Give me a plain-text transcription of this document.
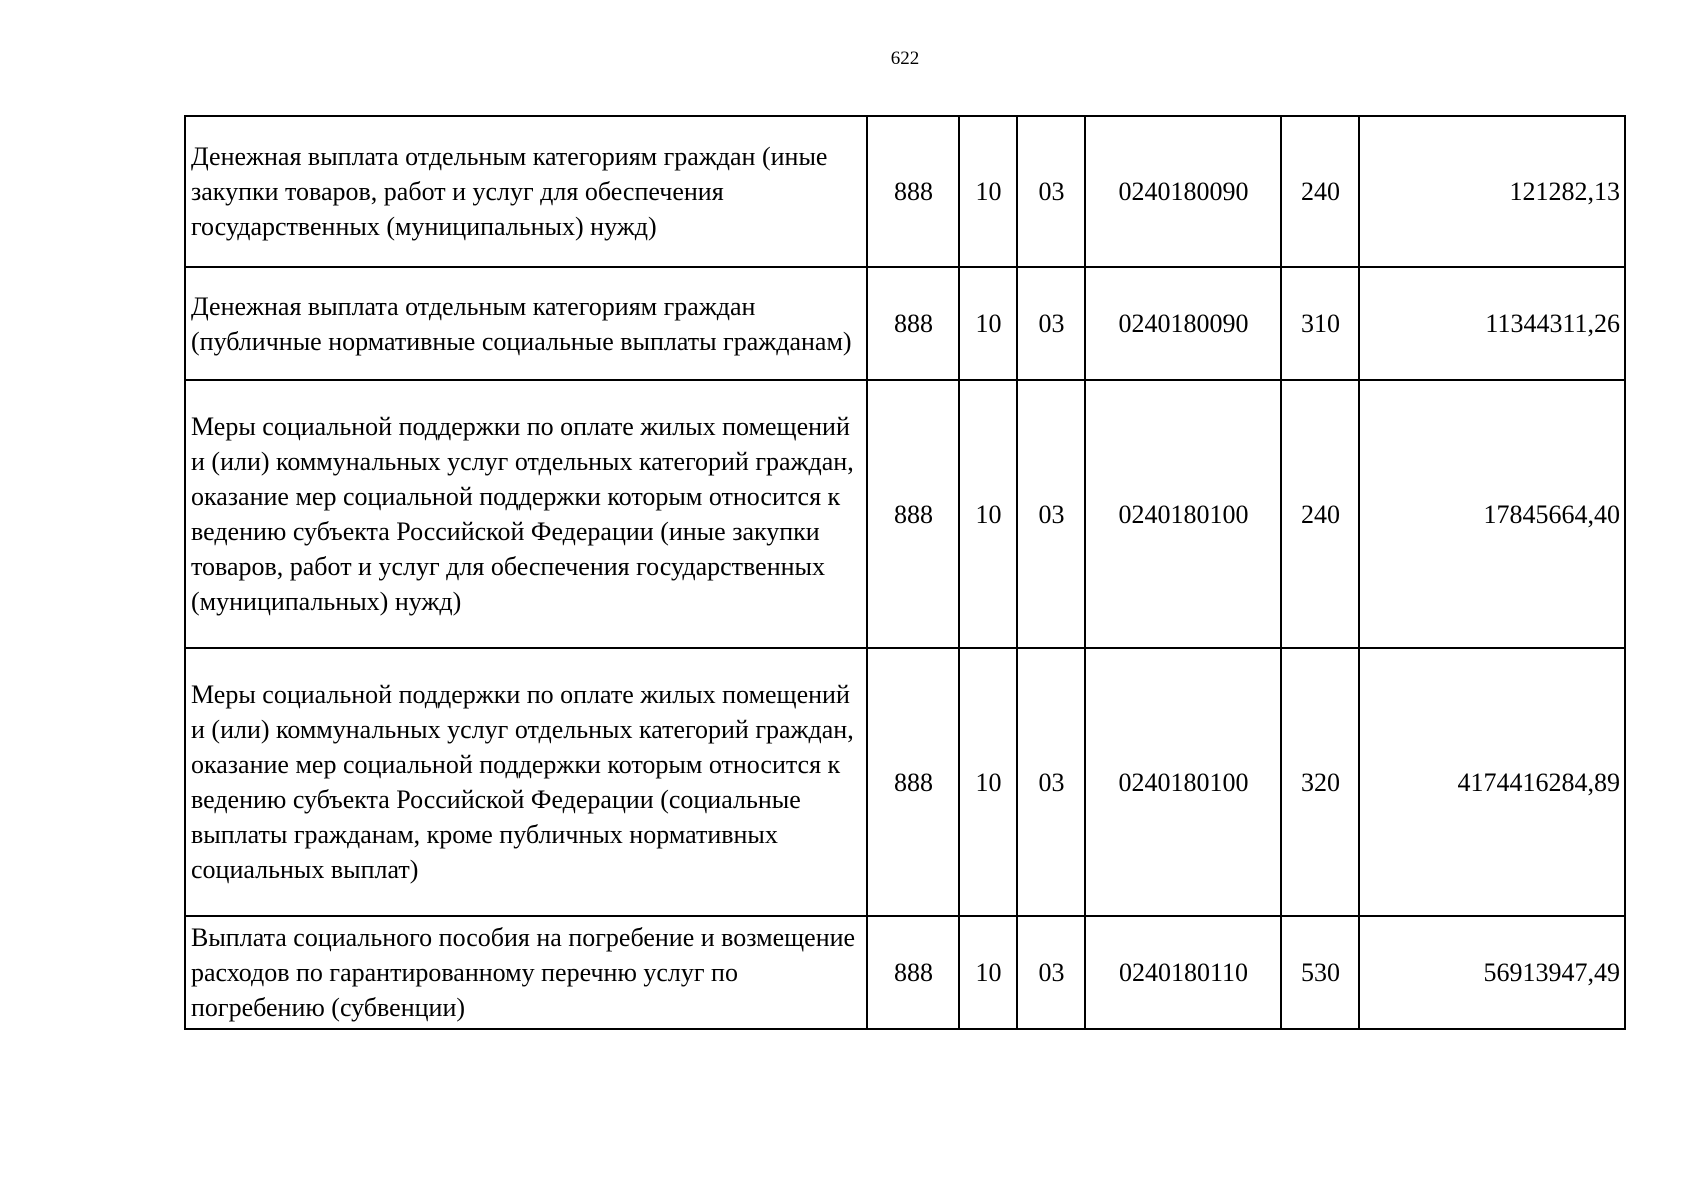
622
Денежная выплата отдельным категориям граждан (иные закупки товаров, работ и услуг для обеспечения государственных (муниципальных) нужд)	888	10	03	0240180090	240	121282,13
Денежная выплата отдельным категориям граждан (публичные нормативные социальные выплаты гражданам)	888	10	03	0240180090	310	11344311,26
Меры социальной поддержки по оплате жилых помещений и (или) коммунальных услуг отдельных категорий граждан, оказание мер социальной поддержки которым относится к ведению субъекта Российской Федерации (иные закупки товаров, работ и услуг для обеспечения государственных (муниципальных) нужд)	888	10	03	0240180100	240	17845664,40
Меры социальной поддержки по оплате жилых помещений и (или) коммунальных услуг отдельных категорий граждан, оказание мер социальной поддержки которым относится к ведению субъекта Российской Федерации (социальные выплаты гражданам, кроме публичных нормативных социальных выплат)	888	10	03	0240180100	320	4174416284,89
Выплата социального пособия на погребение и возмещение расходов по гарантированному перечню услуг по погребению (субвенции)	888	10	03	0240180110	530	56913947,49
